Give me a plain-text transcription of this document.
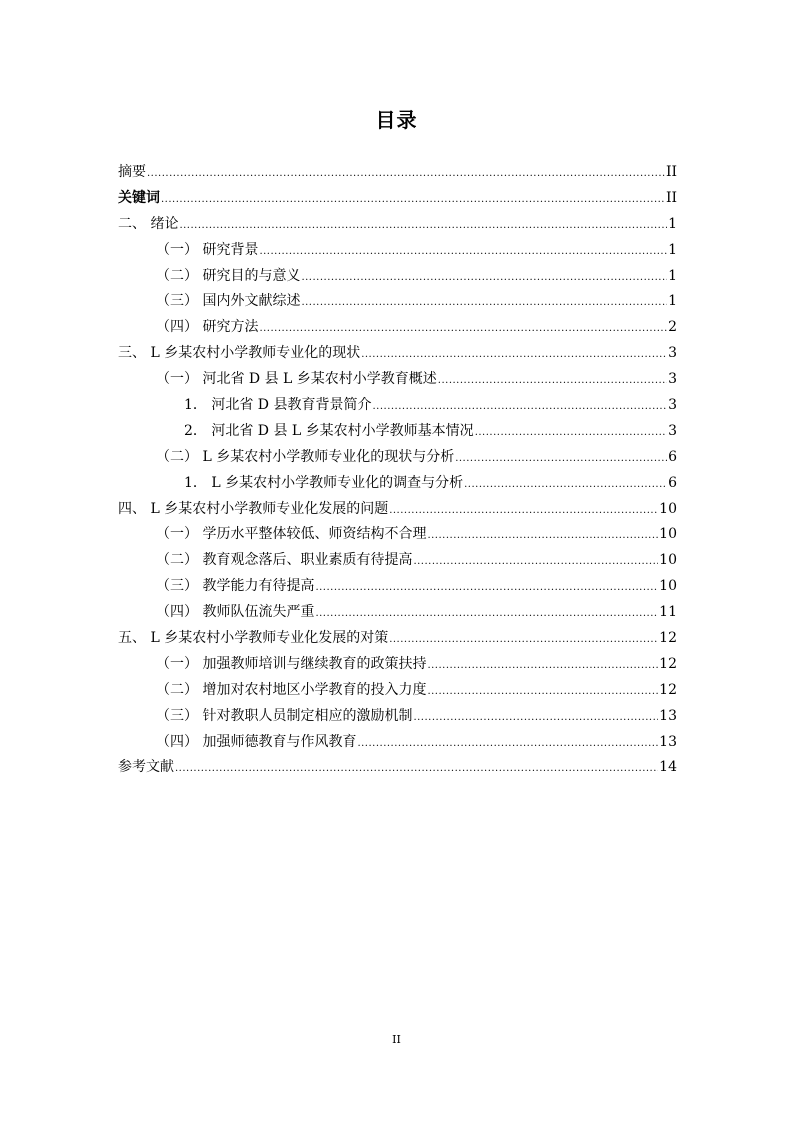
目录
摘要 .....	II
关键词 .....	II
二、 绪论 .....	1
（一） 研究背景 .....	1
（二） 研究目的与意义 .....	1
（三） 国内外文献综述 .....	1
（四） 研究方法 .....	2
三、 L 乡某农村小学教师专业化的现状 .....	3
（一） 河北省 D 县 L 乡某农村小学教育概述 .....	3
1． 河北省 D 县教育背景简介 .....	3
2． 河北省 D 县 L 乡某农村小学教师基本情况 .....	3
（二） L 乡某农村小学教师专业化的现状与分析 .....	6
1． L 乡某农村小学教师专业化的调查与分析 .....	6
四、 L 乡某农村小学教师专业化发展的问题 .....	10
（一） 学历水平整体较低、师资结构不合理 .....	10
（二） 教育观念落后、职业素质有待提高 .....	10
（三） 教学能力有待提高 .....	10
（四） 教师队伍流失严重 .....	11
五、 L 乡某农村小学教师专业化发展的对策 .....	12
（一） 加强教师培训与继续教育的政策扶持 .....	12
（二） 增加对农村地区小学教育的投入力度 .....	12
（三） 针对教职人员制定相应的激励机制 .....	13
（四） 加强师德教育与作风教育 .....	13
参考文献 .....	14
II
